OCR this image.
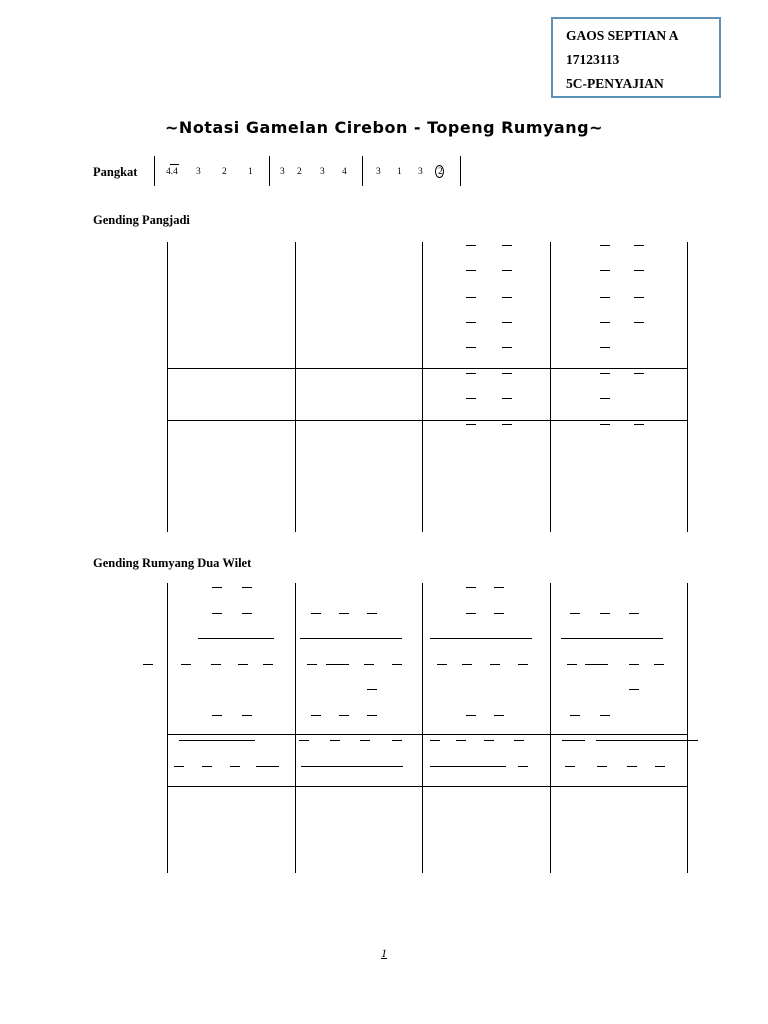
GAOS SEPTIAN A
17123113
5C-PENYAJIAN
~Notasi Gamelan Cirebon - Topeng Rumyang~
Pangkat	4.4 3 2 1	3 2 3 4	3 1 3 2
Gending Pangjadi
Gending Rumyang Dua Wilet
1
